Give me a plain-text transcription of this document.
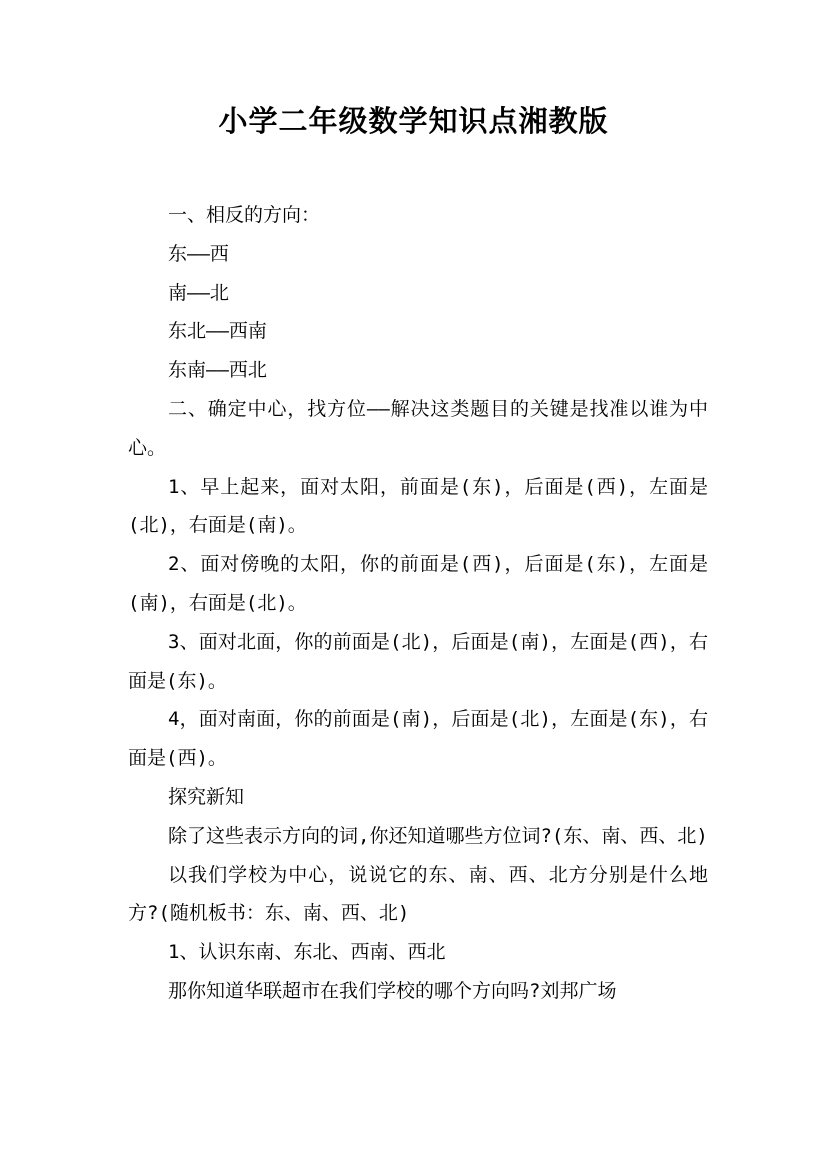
小学二年级数学知识点湘教版

一、相反的方向：

东——西

南——北

东北——西南

东南——西北

二、确定中心，找方位——解决这类题目的关键是找准以谁为中心。

1、早上起来，面对太阳，前面是(东)，后面是(西)，左面是(北)，右面是(南)。

2、面对傍晚的太阳，你的前面是(西)，后面是(东)，左面是(南)，右面是(北)。

3、面对北面，你的前面是(北)，后面是(南)，左面是(西)，右面是(东)。

4，面对南面，你的前面是(南)，后面是(北)，左面是(东)，右面是(西)。

探究新知

除了这些表示方向的词,你还知道哪些方位词?(东、南、西、北)

以我们学校为中心，说说它的东、南、西、北方分别是什么地方?(随机板书：东、南、西、北)

1、认识东南、东北、西南、西北

那你知道华联超市在我们学校的哪个方向吗?刘邦广场
